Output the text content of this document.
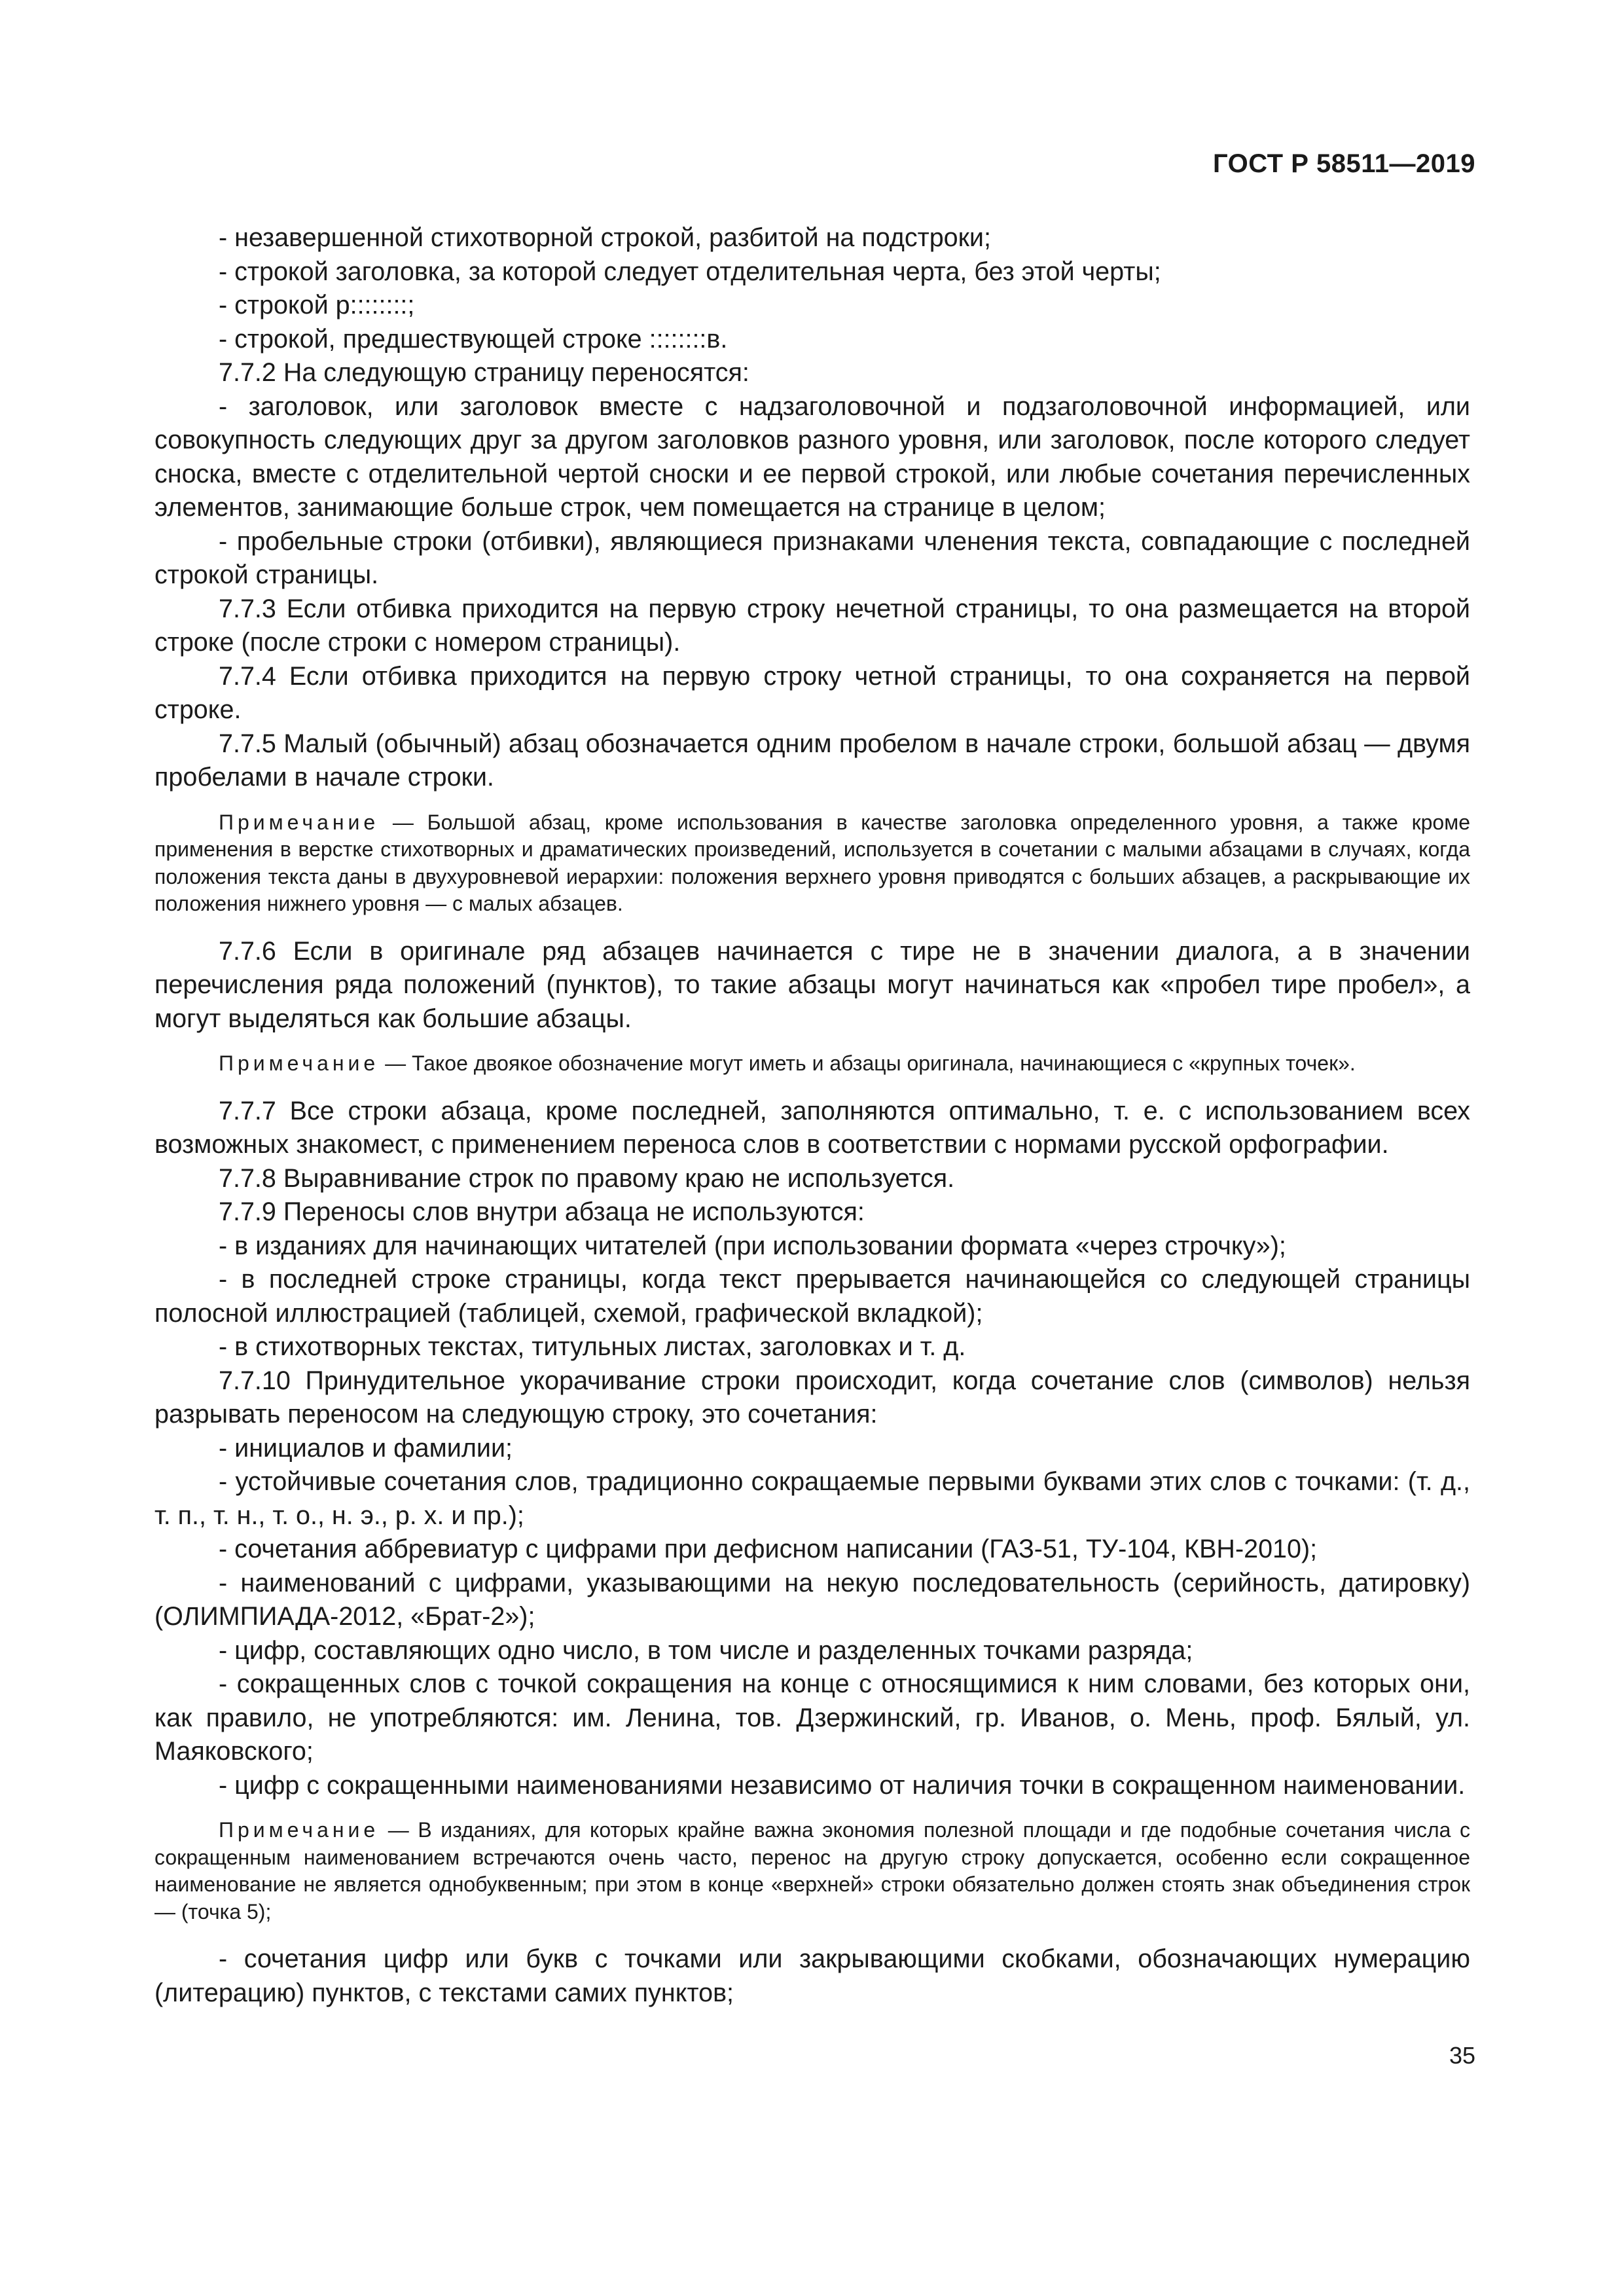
ГОСТ Р 58511—2019

- незавершенной стихотворной строкой, разбитой на подстроки;

- строкой заголовка, за которой следует отделительная черта, без этой черты;

- строкой р::::::::;

- строкой, предшествующей строке ::::::::в.

7.7.2 На следующую страницу переносятся:

- заголовок, или заголовок вместе с надзаголовочной и подзаголовочной информацией, или совокупность следующих друг за другом заголовков разного уровня, или заголовок, после которого следует сноска, вместе с отделительной чертой сноски и ее первой строкой, или любые сочетания перечисленных элементов, занимающие больше строк, чем помещается на странице в целом;

- пробельные строки (отбивки), являющиеся признаками членения текста, совпадающие с последней строкой страницы.

7.7.3 Если отбивка приходится на первую строку нечетной страницы, то она размещается на второй строке (после строки с номером страницы).

7.7.4 Если отбивка приходится на первую строку четной страницы, то она сохраняется на первой строке.

7.7.5 Малый (обычный) абзац обозначается одним пробелом в начале строки, большой абзац — двумя пробелами в начале строки.

Примечание — Большой абзац, кроме использования в качестве заголовка определенного уровня, а также кроме применения в верстке стихотворных и драматических произведений, используется в сочетании с малыми абзацами в случаях, когда положения текста даны в двухуровневой иерархии: положения верхнего уровня приводятся с больших абзацев, а раскрывающие их положения нижнего уровня — с малых абзацев.

7.7.6 Если в оригинале ряд абзацев начинается с тире не в значении диалога, а в значении перечисления ряда положений (пунктов), то такие абзацы могут начинаться как «пробел тире пробел», а могут выделяться как большие абзацы.

Примечание — Такое двоякое обозначение могут иметь и абзацы оригинала, начинающиеся с «крупных точек».

7.7.7 Все строки абзаца, кроме последней, заполняются оптимально, т. е. с использованием всех возможных знакомест, с применением переноса слов в соответствии с нормами русской орфографии.

7.7.8 Выравнивание строк по правому краю не используется.

7.7.9 Переносы слов внутри абзаца не используются:

- в изданиях для начинающих читателей (при использовании формата «через строчку»);

- в последней строке страницы, когда текст прерывается начинающейся со следующей страницы полосной иллюстрацией (таблицей, схемой, графической вкладкой);

- в стихотворных текстах, титульных листах, заголовках и т. д.

7.7.10 Принудительное укорачивание строки происходит, когда сочетание слов (символов) нельзя разрывать переносом на следующую строку, это сочетания:

- инициалов и фамилии;

- устойчивые сочетания слов, традиционно сокращаемые первыми буквами этих слов с точками: (т. д., т. п., т. н., т. о., н. э., р. х. и пр.);

- сочетания аббревиатур с цифрами при дефисном написании (ГАЗ-51, ТУ-104, КВН-2010);

- наименований с цифрами, указывающими на некую последовательность (серийность, датировку) (ОЛИМПИАДА-2012, «Брат-2»);

- цифр, составляющих одно число, в том числе и разделенных точками разряда;

- сокращенных слов с точкой сокращения на конце с относящимися к ним словами, без которых они, как правило, не употребляются: им. Ленина, тов. Дзержинский, гр. Иванов, о. Мень, проф. Бялый, ул. Маяковского;

- цифр с сокращенными наименованиями независимо от наличия точки в сокращенном наименовании.

Примечание — В изданиях, для которых крайне важна экономия полезной площади и где подобные сочетания числа с сокращенным наименованием встречаются очень часто, перенос на другую строку допускается, особенно если сокращенное наименование не является однобуквенным; при этом в конце «верхней» строки обязательно должен стоять знак объединения строк — (точка 5);

- сочетания цифр или букв с точками или закрывающими скобками, обозначающих нумерацию (литерацию) пунктов, с текстами самих пунктов;

35
